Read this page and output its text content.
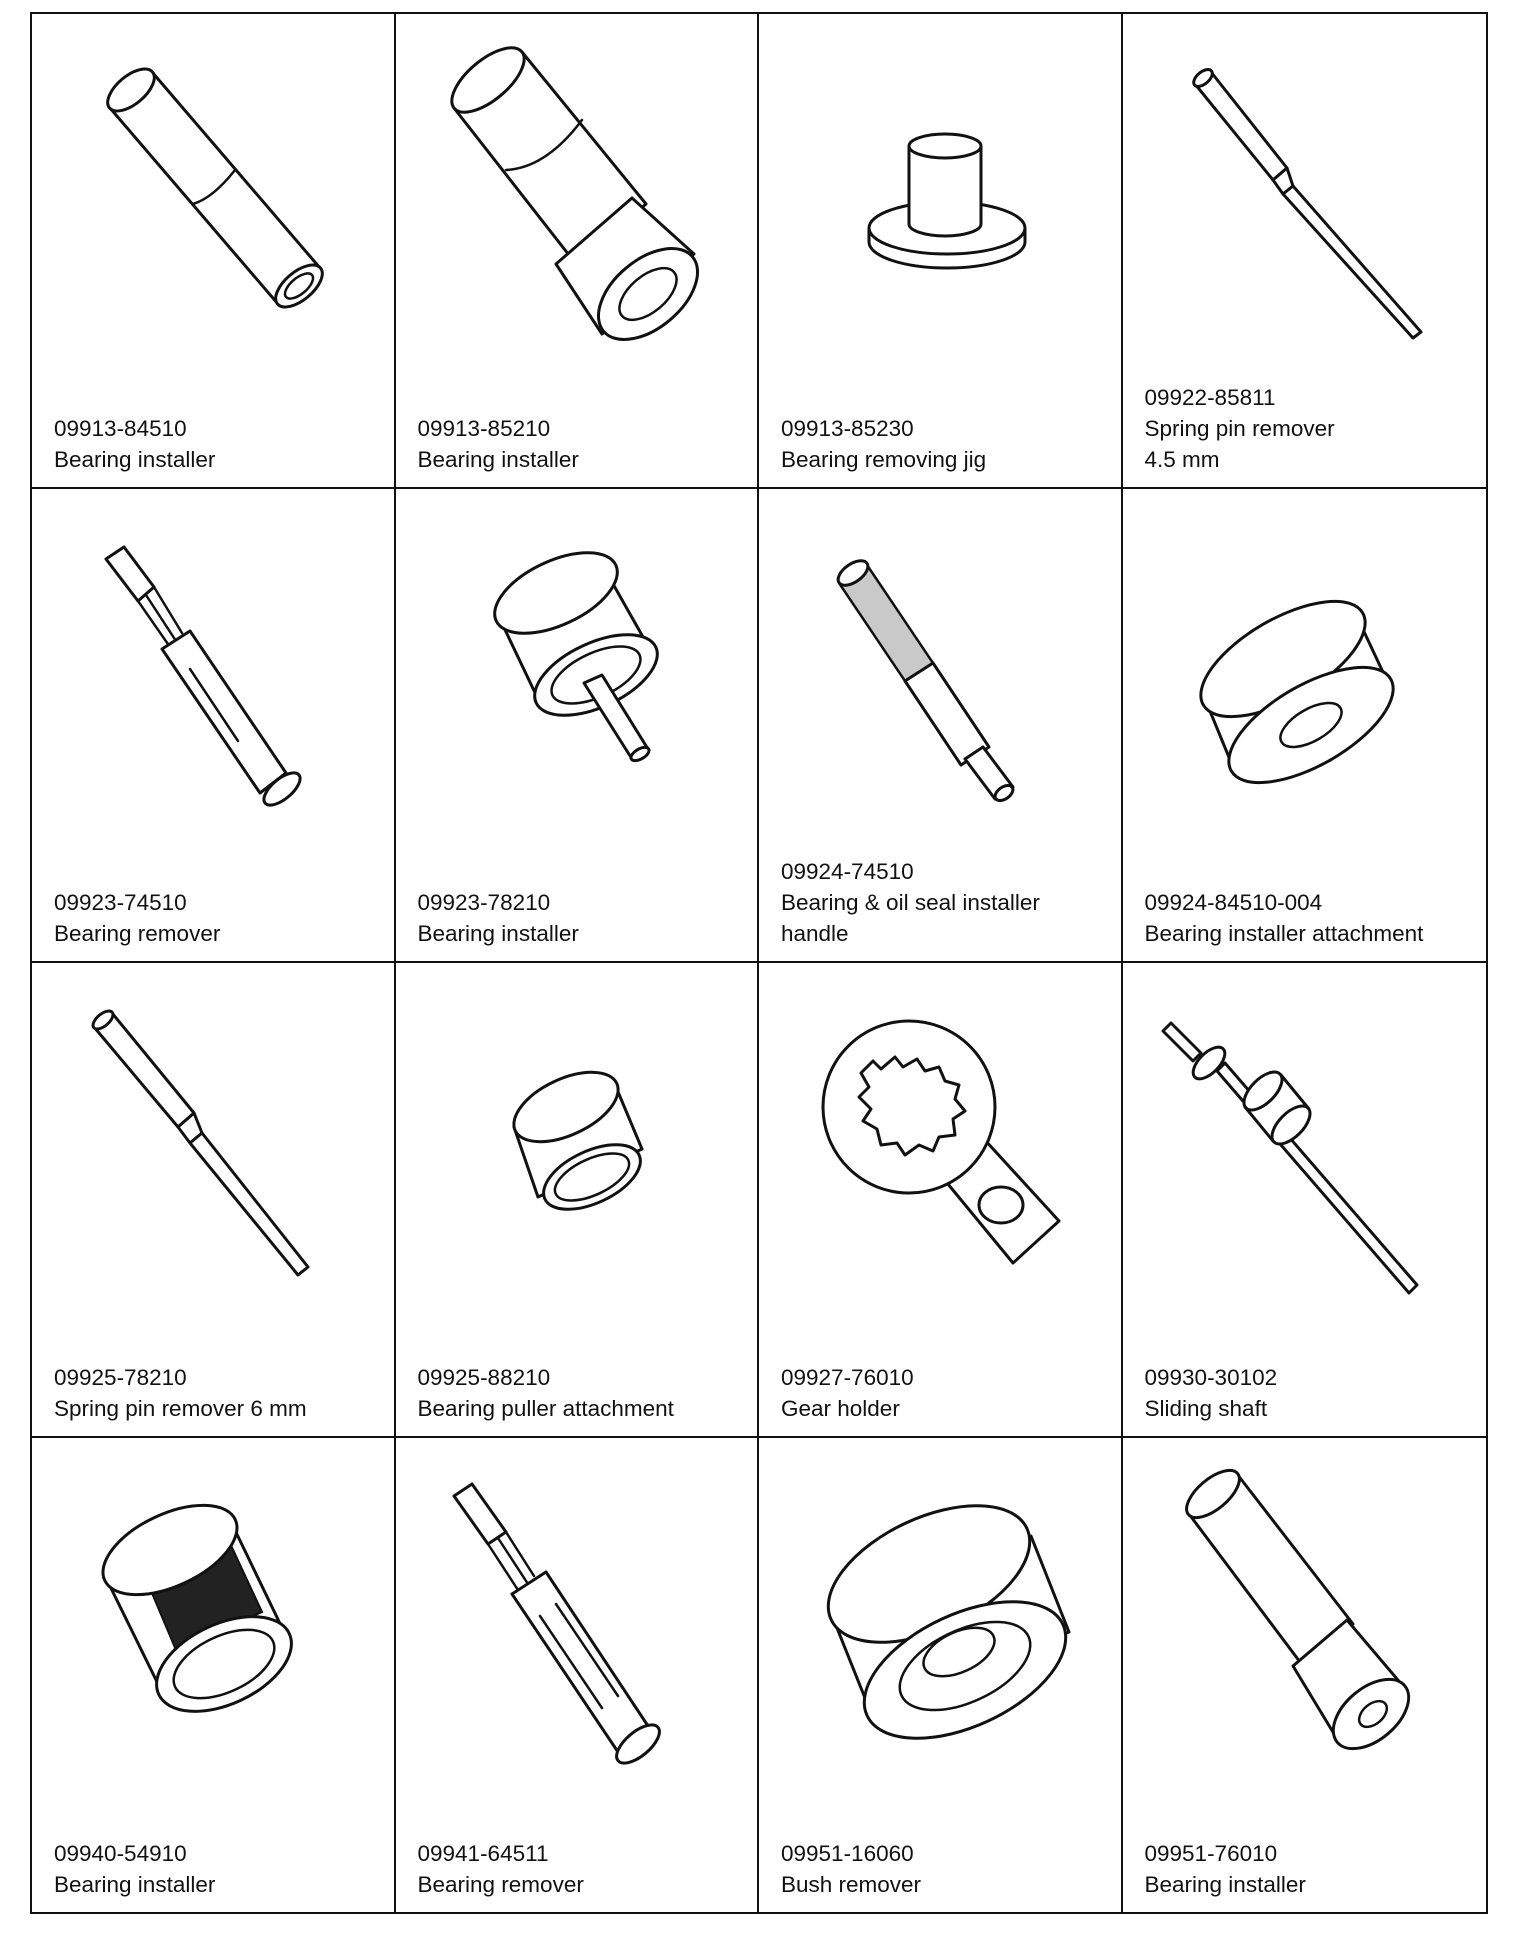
09913-84510
Bearing installer
09913-85210
Bearing installer
09913-85230
Bearing removing jig
09922-85811
Spring pin remover
4.5 mm
09923-74510
Bearing remover
09923-78210
Bearing installer
09924-74510
Bearing & oil seal installer
handle
09924-84510-004
Bearing installer attachment
09925-78210
Spring pin remover 6 mm
09925-88210
Bearing puller attachment
09927-76010
Gear holder
09930-30102
Sliding shaft
09940-54910
Bearing installer
09941-64511
Bearing remover
09951-16060
Bush remover
09951-76010
Bearing installer
